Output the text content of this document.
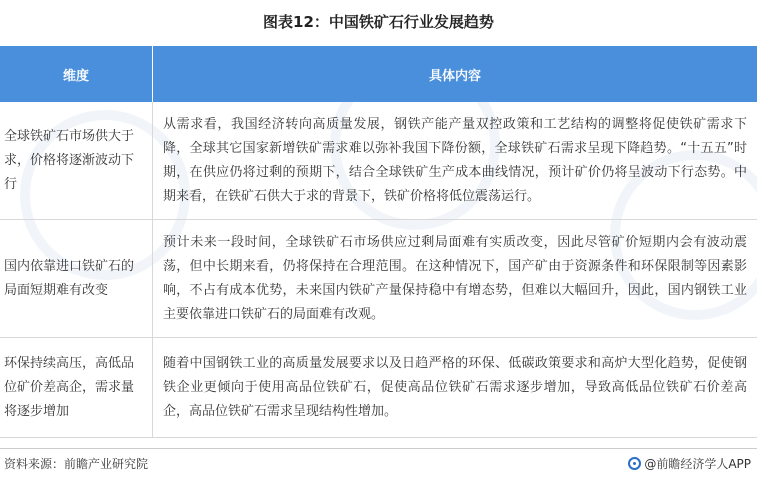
图表12：中国铁矿石行业发展趋势
维度	具体内容
全球铁矿石市场供大于求，价格将逐渐波动下行	从需求看，我国经济转向高质量发展，钢铁产能产量双控政策和工艺结构的调整将促使铁矿需求下降，全球其它国家新增铁矿需求难以弥补我国下降份额，全球铁矿石需求呈现下降趋势。“十五五”时期，在供应仍将过剩的预期下，结合全球铁矿生产成本曲线情况，预计矿价仍将呈波动下行态势。中期来看，在铁矿石供大于求的背景下，铁矿价格将低位震荡运行。
国内依靠进口铁矿石的局面短期难有改变	预计未来一段时间，全球铁矿石市场供应过剩局面难有实质改变，因此尽管矿价短期内会有波动震荡，但中长期来看，仍将保持在合理范围。在这种情况下，国产矿由于资源条件和环保限制等因素影响，不占有成本优势，未来国内铁矿产量保持稳中有增态势，但难以大幅回升，因此，国内钢铁工业主要依靠进口铁矿石的局面难有改观。
环保持续高压，高低品位矿价差高企，需求量将逐步增加	随着中国钢铁工业的高质量发展要求以及日趋严格的环保、低碳政策要求和高炉大型化趋势，促使钢铁企业更倾向于使用高品位铁矿石，促使高品位铁矿石需求逐步增加，导致高低品位铁矿石价差高企，高品位铁矿石需求呈现结构性增加。
资料来源：前瞻产业研究院	@前瞻经济学人APP
